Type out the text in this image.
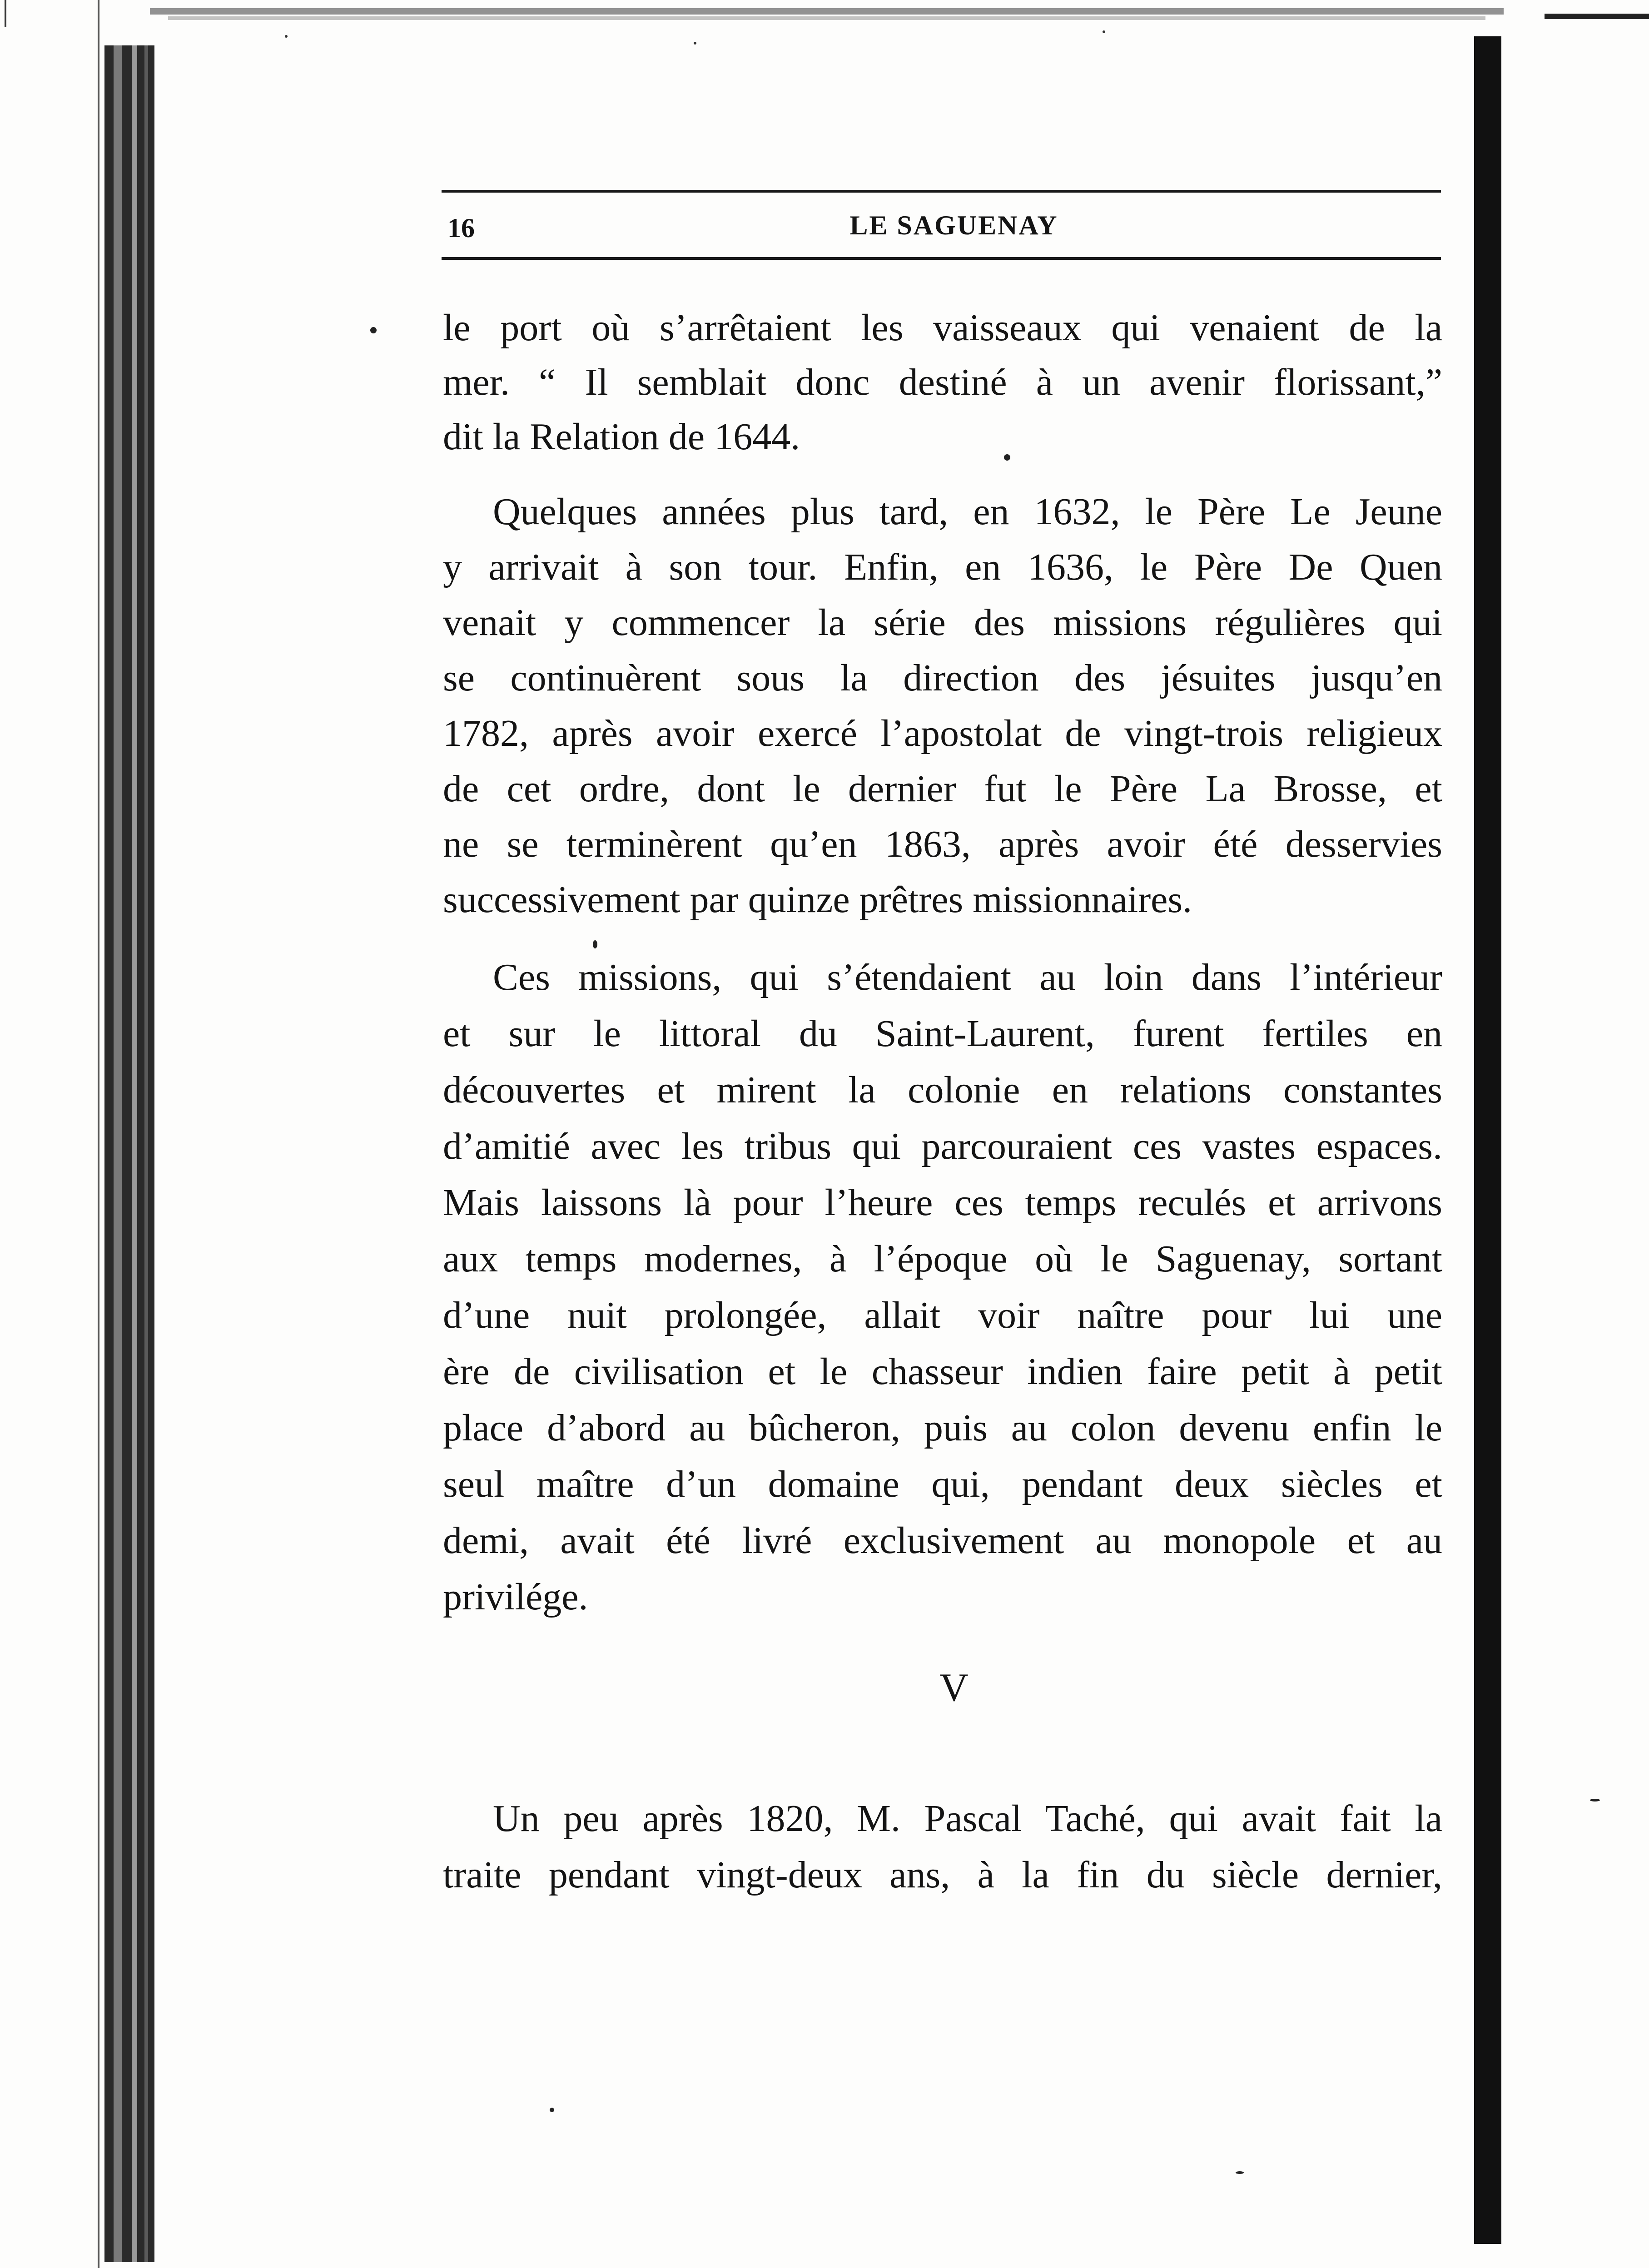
16	LE SAGUENAY
le port où s’arrêtaient les vaisseaux qui venaient de la
mer. “ Il semblait donc destiné à un avenir florissant,”
dit la Relation de 1644.
Quelques années plus tard, en 1632, le Père Le Jeune
y arrivait à son tour. Enfin, en 1636, le Père De Quen
venait y commencer la série des missions régulières qui
se continuèrent sous la direction des jésuites jusqu’en
1782, après avoir exercé l’apostolat de vingt-trois religieux
de cet ordre, dont le dernier fut le Père La Brosse, et
ne se terminèrent qu’en 1863, après avoir été desservies
successivement par quinze prêtres missionnaires.
Ces missions, qui s’étendaient au loin dans l’intérieur
et sur le littoral du Saint-Laurent, furent fertiles en
découvertes et mirent la colonie en relations constantes
d’amitié avec les tribus qui parcouraient ces vastes espaces.
Mais laissons là pour l’heure ces temps reculés et arrivons
aux temps modernes, à l’époque où le Saguenay, sortant
d’une nuit prolongée, allait voir naître pour lui une
ère de civilisation et le chasseur indien faire petit à petit
place d’abord au bûcheron, puis au colon devenu enfin le
seul maître d’un domaine qui, pendant deux siècles et
demi, avait été livré exclusivement au monopole et au
privilége.
V
Un peu après 1820, M. Pascal Taché, qui avait fait la
traite pendant vingt-deux ans, à la fin du siècle dernier,
